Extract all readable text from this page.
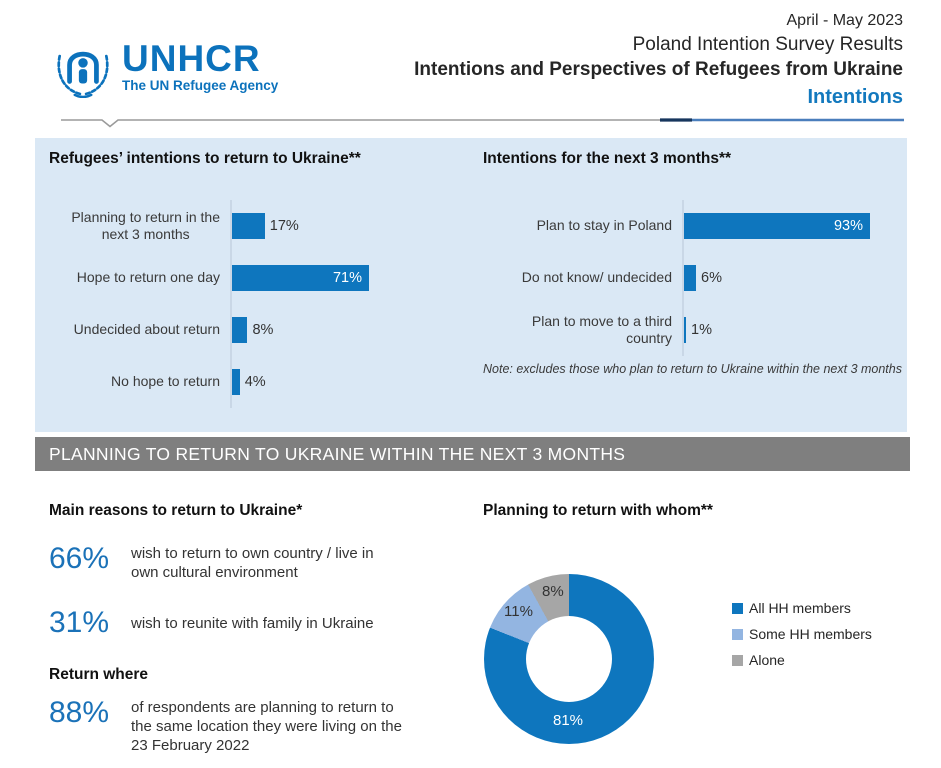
UNHCR
The UN Refugee Agency
April - May 2023
Poland Intention Survey Results
Intentions and Perspectives of Refugees from Ukraine
Intentions
Refugees’ intentions to return to Ukraine**
Planning to return in the
next 3 months	17%
Hope to return one day	71%
Undecided about return	8%
No hope to return	4%
Intentions for the next 3 months**
Plan to stay in Poland	93%
Do not know/ undecided	6%
Plan to move to a third country	1%
Note: excludes those who plan to return to Ukraine within the next 3 months
PLANNING TO RETURN TO UKRAINE WITHIN THE NEXT 3 MONTHS
Main reasons to return to Ukraine*
66%	wish to return to own country / live in own cultural environment
31%	wish to reunite with family in Ukraine
Return where
88%	of respondents are planning to return to the same location they were living on the 23 February 2022
Planning to return with whom**
8%
11%
81%
All HH members
Some HH members
Alone
